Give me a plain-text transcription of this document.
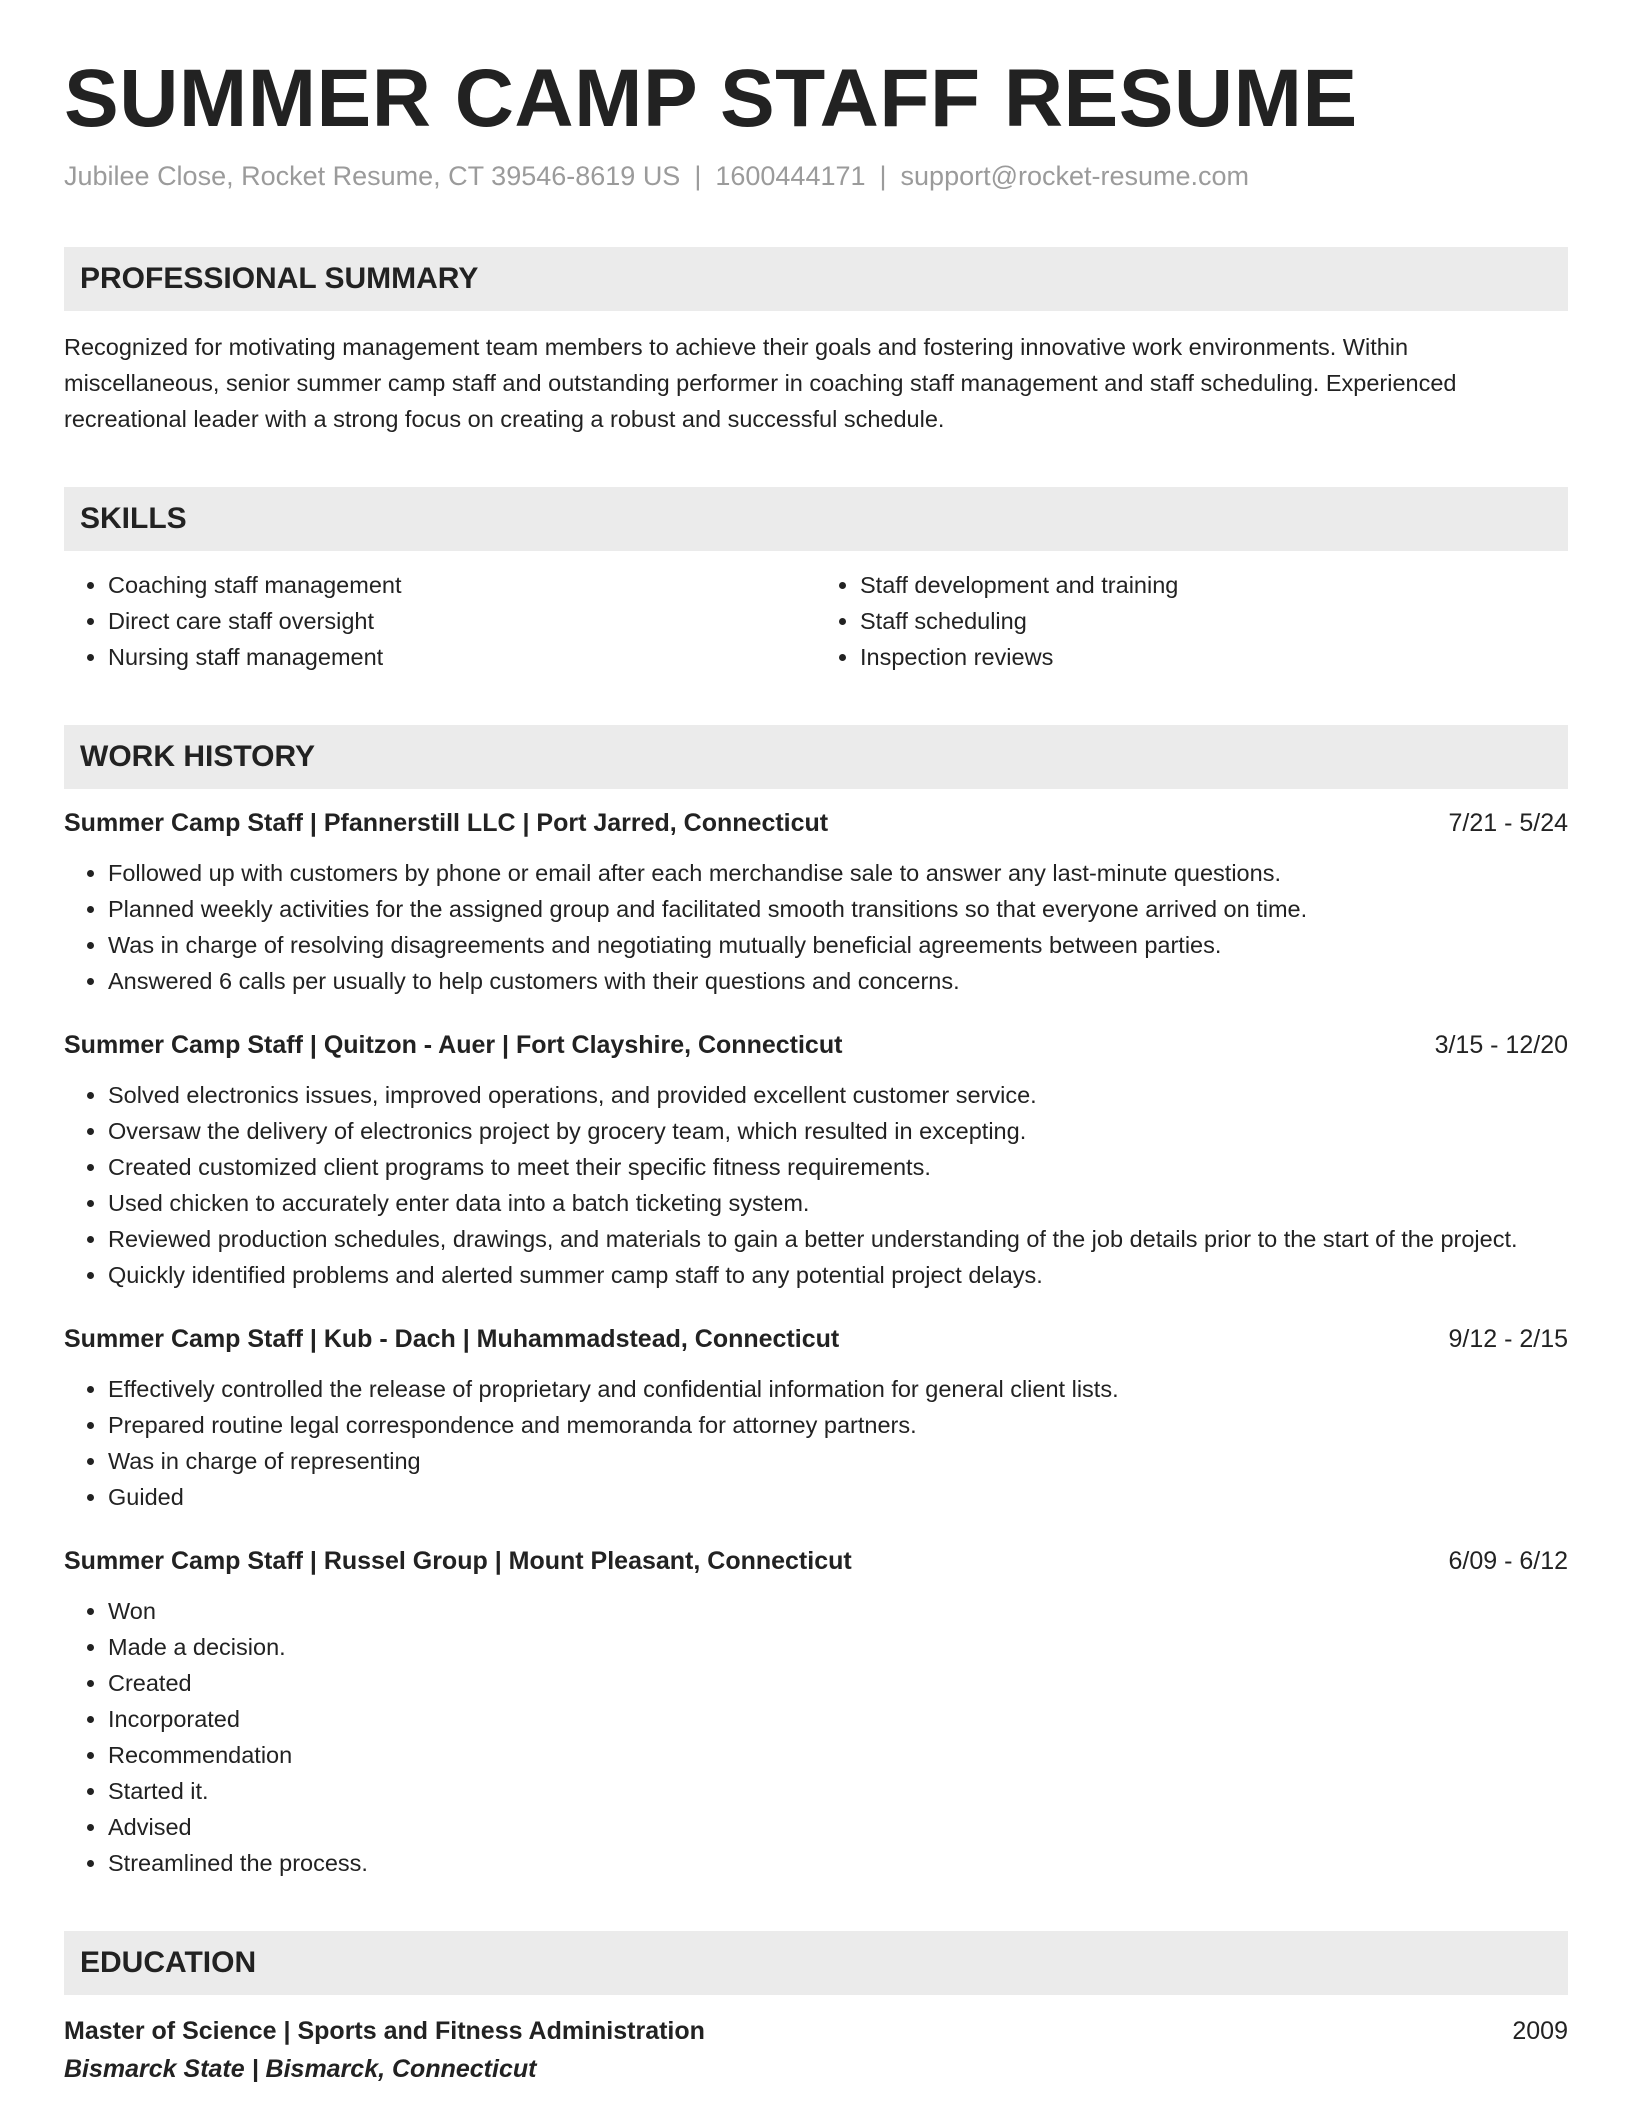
SUMMER CAMP STAFF RESUME
Jubilee Close, Rocket Resume, CT 39546-8619 US | 1600444171 | support@rocket-resume.com
PROFESSIONAL SUMMARY
Recognized for motivating management team members to achieve their goals and fostering innovative work environments. Within miscellaneous, senior summer camp staff and outstanding performer in coaching staff management and staff scheduling. Experienced recreational leader with a strong focus on creating a robust and successful schedule.
SKILLS
• Coaching staff management
• Direct care staff oversight
• Nursing staff management
• Staff development and training
• Staff scheduling
• Inspection reviews
WORK HISTORY
Summer Camp Staff | Pfannerstill LLC | Port Jarred, Connecticut	7/21 - 5/24
• Followed up with customers by phone or email after each merchandise sale to answer any last-minute questions.
• Planned weekly activities for the assigned group and facilitated smooth transitions so that everyone arrived on time.
• Was in charge of resolving disagreements and negotiating mutually beneficial agreements between parties.
• Answered 6 calls per usually to help customers with their questions and concerns.
Summer Camp Staff | Quitzon - Auer | Fort Clayshire, Connecticut	3/15 - 12/20
• Solved electronics issues, improved operations, and provided excellent customer service.
• Oversaw the delivery of electronics project by grocery team, which resulted in excepting.
• Created customized client programs to meet their specific fitness requirements.
• Used chicken to accurately enter data into a batch ticketing system.
• Reviewed production schedules, drawings, and materials to gain a better understanding of the job details prior to the start of the project.
• Quickly identified problems and alerted summer camp staff to any potential project delays.
Summer Camp Staff | Kub - Dach | Muhammadstead, Connecticut	9/12 - 2/15
• Effectively controlled the release of proprietary and confidential information for general client lists.
• Prepared routine legal correspondence and memoranda for attorney partners.
• Was in charge of representing
• Guided
Summer Camp Staff | Russel Group | Mount Pleasant, Connecticut	6/09 - 6/12
• Won
• Made a decision.
• Created
• Incorporated
• Recommendation
• Started it.
• Advised
• Streamlined the process.
EDUCATION
Master of Science | Sports and Fitness Administration	2009
Bismarck State | Bismarck, Connecticut
